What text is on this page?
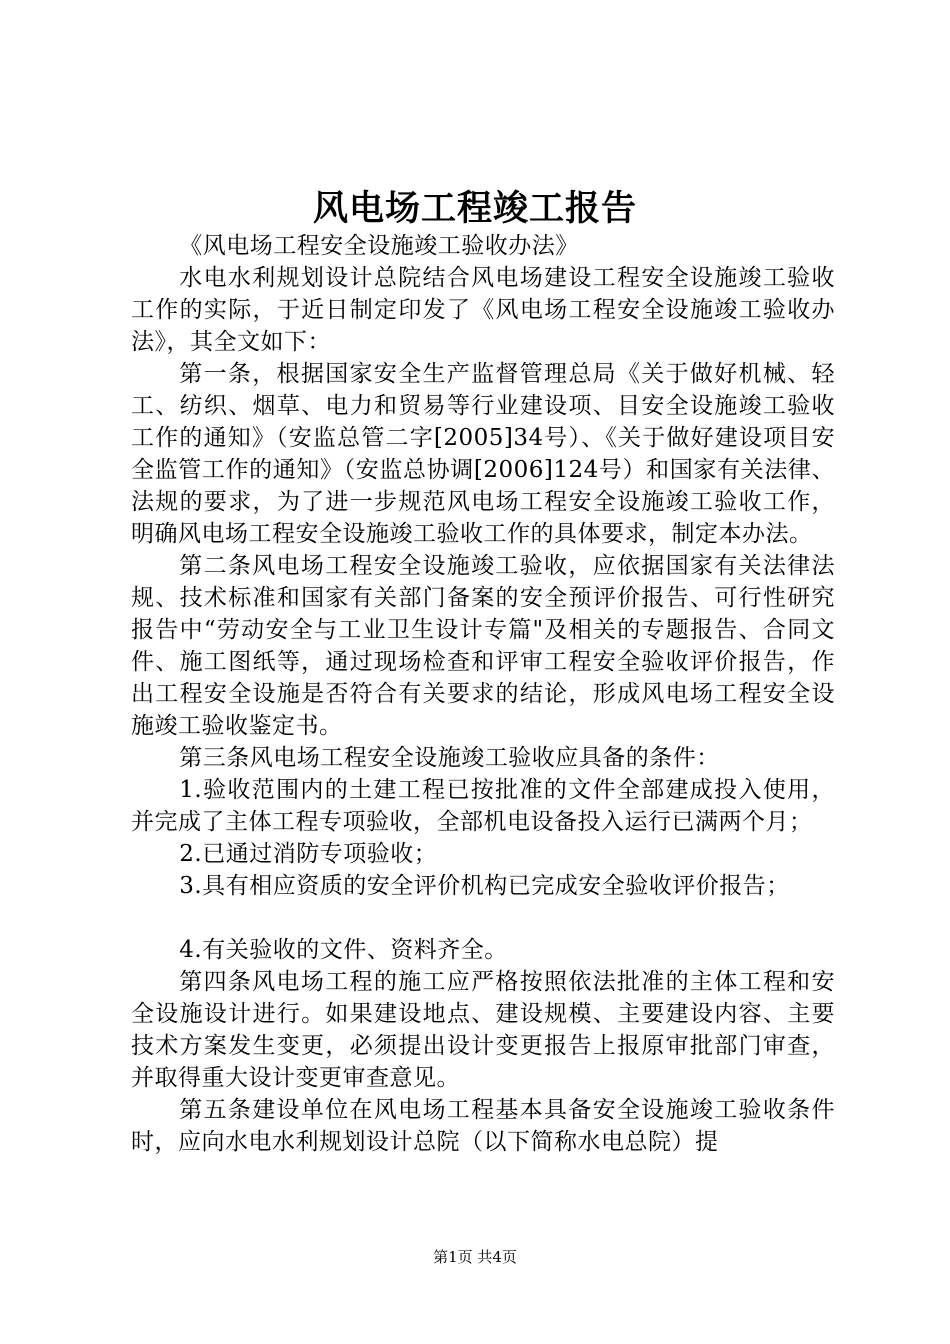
风电场工程竣工报告

《风电场工程安全设施竣工验收办法》

水电水利规划设计总院结合风电场建设工程安全设施竣工验收工作的实际，于近日制定印发了《风电场工程安全设施竣工验收办法》，其全文如下：

第一条，根据国家安全生产监督管理总局《关于做好机械、轻工、纺织、烟草、电力和贸易等行业建设项、目安全设施竣工验收工作的通知》（安监总管二字[2005]34号）、《关于做好建设项目安全监管工作的通知》（安监总协调[2006]124号）和国家有关法律、法规的要求，为了进一步规范风电场工程安全设施竣工验收工作，明确风电场工程安全设施竣工验收工作的具体要求，制定本办法。

第二条风电场工程安全设施竣工验收，应依据国家有关法律法规、技术标准和国家有关部门备案的安全预评价报告、可行性研究报告中“劳动安全与工业卫生设计专篇"及相关的专题报告、合同文件、施工图纸等，通过现场检查和评审工程安全验收评价报告，作出工程安全设施是否符合有关要求的结论，形成风电场工程安全设施竣工验收鉴定书。

第三条风电场工程安全设施竣工验收应具备的条件：

1.验收范围内的土建工程已按批准的文件全部建成投入使用，并完成了主体工程专项验收，全部机电设备投入运行已满两个月；

2.已通过消防专项验收；

3.具有相应资质的安全评价机构已完成安全验收评价报告；

4.有关验收的文件、资料齐全。

第四条风电场工程的施工应严格按照依法批准的主体工程和安全设施设计进行。如果建设地点、建设规模、主要建设内容、主要技术方案发生变更，必须提出设计变更报告上报原审批部门审查，并取得重大设计变更审查意见。

第五条建设单位在风电场工程基本具备安全设施竣工验收条件时，应向水电水利规划设计总院（以下简称水电总院）提

第1页 共4页
